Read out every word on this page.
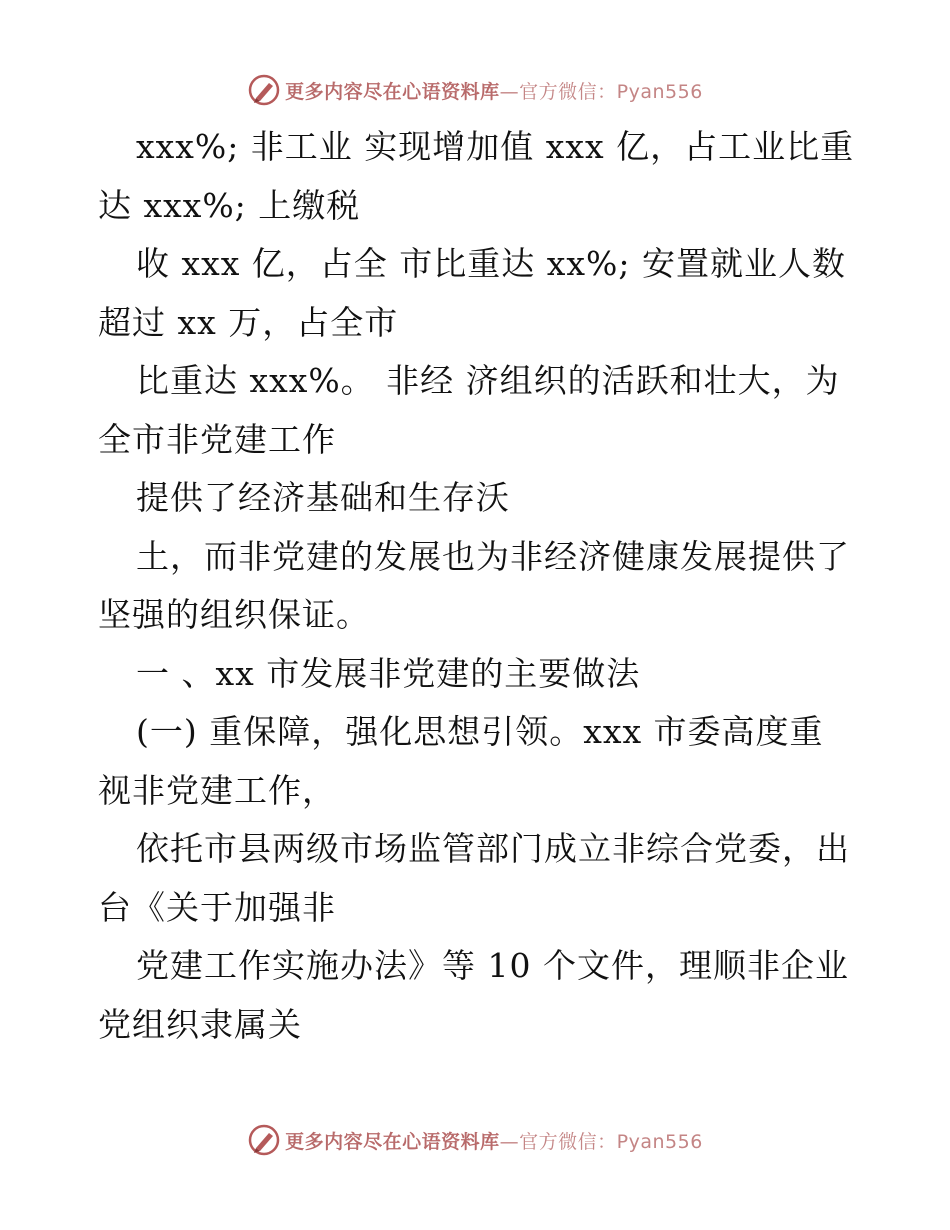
更多内容尽在心语资料库 —官方微信：Pyan556
xxx%; 非工业 实现增加值 xxx 亿，占工业比重
达 xxx%; 上缴税
收 xxx 亿，占全 市比重达 xx%; 安置就业人数
超过 xx 万，占全市
比重达 xxx%。 非经 济组织的活跃和壮大，为
全市非党建工作
提供了经济基础和生存沃
土，而非党建的发展也为非经济健康发展提供了
坚强的组织保证。
一 、xx 市发展非党建的主要做法
(一) 重保障，强化思想引领。xxx 市委高度重
视非党建工作，
依托市县两级市场监管部门成立非综合党委，出
台《关于加强非
党建工作实施办法》等 10 个文件，理顺非企业
党组织隶属关
更多内容尽在心语资料库 —官方微信：Pyan556
